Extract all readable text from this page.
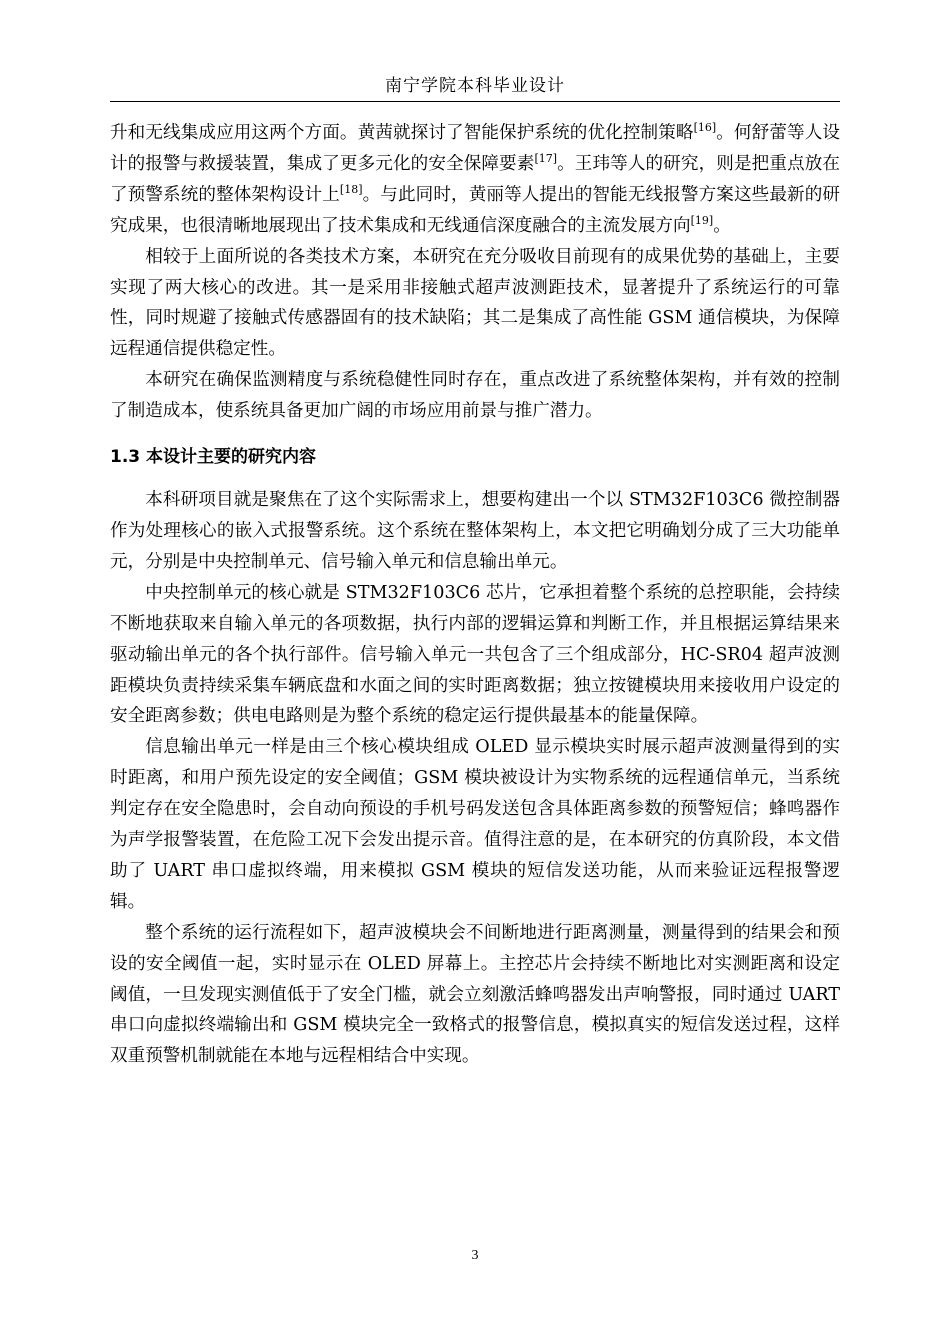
南宁学院本科毕业设计

升和无线集成应用这两个方面。黄茜就探讨了智能保护系统的优化控制策略[16]。何舒蕾等人设计的报警与救援装置，集成了更多元化的安全保障要素[17]。王玮等人的研究，则是把重点放在了预警系统的整体架构设计上[18]。与此同时，黄丽等人提出的智能无线报警方案这些最新的研究成果，也很清晰地展现出了技术集成和无线通信深度融合的主流发展方向[19]。

相较于上面所说的各类技术方案，本研究在充分吸收目前现有的成果优势的基础上，主要实现了两大核心的改进。其一是采用非接触式超声波测距技术，显著提升了系统运行的可靠性，同时规避了接触式传感器固有的技术缺陷；其二是集成了高性能 GSM 通信模块，为保障远程通信提供稳定性。

本研究在确保监测精度与系统稳健性同时存在，重点改进了系统整体架构，并有效的控制了制造成本，使系统具备更加广阔的市场应用前景与推广潜力。

1.3 本设计主要的研究内容

本科研项目就是聚焦在了这个实际需求上，想要构建出一个以 STM32F103C6 微控制器作为处理核心的嵌入式报警系统。这个系统在整体架构上，本文把它明确划分成了三大功能单元，分别是中央控制单元、信号输入单元和信息输出单元。

中央控制单元的核心就是 STM32F103C6 芯片，它承担着整个系统的总控职能，会持续不断地获取来自输入单元的各项数据，执行内部的逻辑运算和判断工作，并且根据运算结果来驱动输出单元的各个执行部件。信号输入单元一共包含了三个组成部分，HC-SR04 超声波测距模块负责持续采集车辆底盘和水面之间的实时距离数据；独立按键模块用来接收用户设定的安全距离参数；供电电路则是为整个系统的稳定运行提供最基本的能量保障。

信息输出单元一样是由三个核心模块组成 OLED 显示模块实时展示超声波测量得到的实时距离，和用户预先设定的安全阈值；GSM 模块被设计为实物系统的远程通信单元，当系统判定存在安全隐患时，会自动向预设的手机号码发送包含具体距离参数的预警短信；蜂鸣器作为声学报警装置，在危险工况下会发出提示音。值得注意的是，在本研究的仿真阶段，本文借助了 UART 串口虚拟终端，用来模拟 GSM 模块的短信发送功能，从而来验证远程报警逻辑。

整个系统的运行流程如下，超声波模块会不间断地进行距离测量，测量得到的结果会和预设的安全阈值一起，实时显示在 OLED 屏幕上。主控芯片会持续不断地比对实测距离和设定阈值，一旦发现实测值低于了安全门槛，就会立刻激活蜂鸣器发出声响警报，同时通过 UART 串口向虚拟终端输出和 GSM 模块完全一致格式的报警信息，模拟真实的短信发送过程，这样双重预警机制就能在本地与远程相结合中实现。

3
